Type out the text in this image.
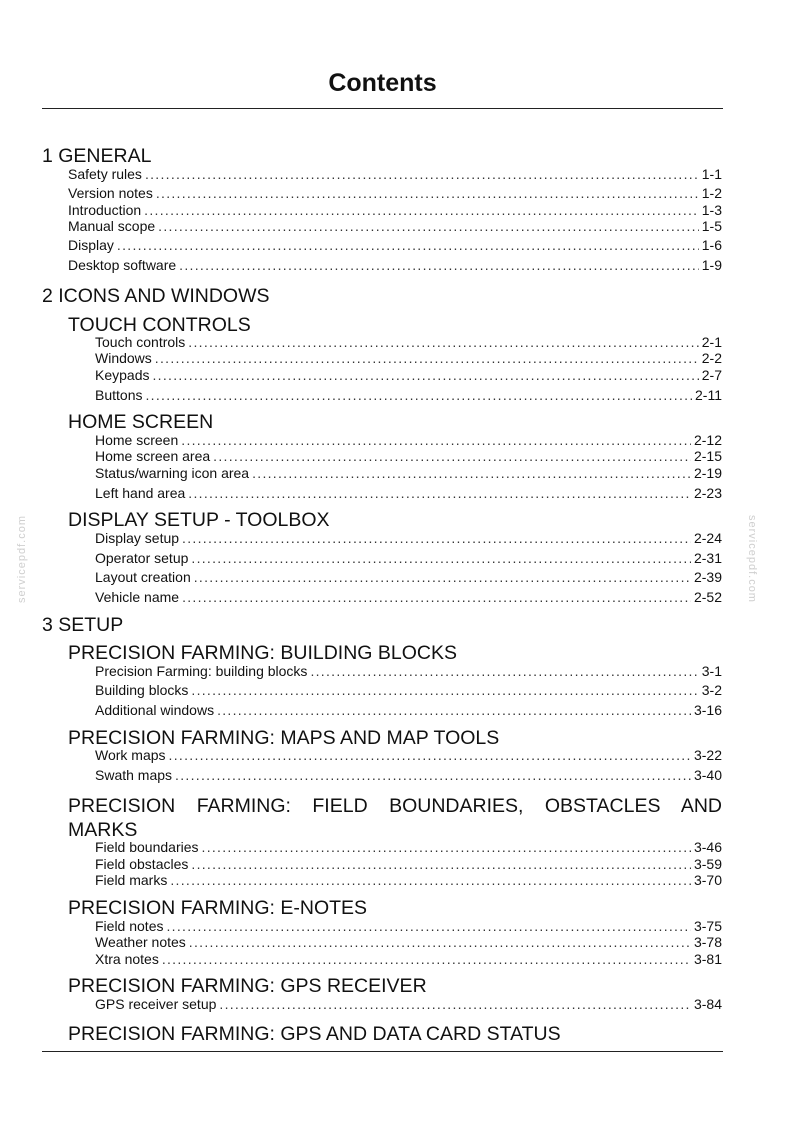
Contents
servicepdf.com	servicepdf.com
1 GENERAL
Safety rules . . .	1-1
Version notes . . .	1-2
Introduction . . .	1-3
Manual scope . . .	1-5
Display . . .	1-6
Desktop software . . .	1-9
2 ICONS AND WINDOWS
TOUCH CONTROLS
Touch controls . . .	2-1
Windows . . .	2-2
Keypads . . .	2-7
Buttons . . .	2-11
HOME SCREEN
Home screen . . .	2-12
Home screen area . . .	2-15
Status/warning icon area . . .	2-19
Left hand area . . .	2-23
DISPLAY SETUP - TOOLBOX
Display setup . . .	2-24
Operator setup . . .	2-31
Layout creation . . .	2-39
Vehicle name . . .	2-52
3 SETUP
PRECISION FARMING: BUILDING BLOCKS
Precision Farming: building blocks . . .	3-1
Building blocks . . .	3-2
Additional windows . . .	3-16
PRECISION FARMING: MAPS AND MAP TOOLS
Work maps . . .	3-22
Swath maps . . .	3-40
PRECISION FARMING: FIELD BOUNDARIES, OBSTACLES AND
MARKS
Field boundaries . . .	3-46
Field obstacles . . .	3-59
Field marks . . .	3-70
PRECISION FARMING: E-NOTES
Field notes . . .	3-75
Weather notes . . .	3-78
Xtra notes . . .	3-81
PRECISION FARMING: GPS RECEIVER
GPS receiver setup . . .	3-84
PRECISION FARMING: GPS AND DATA CARD STATUS
